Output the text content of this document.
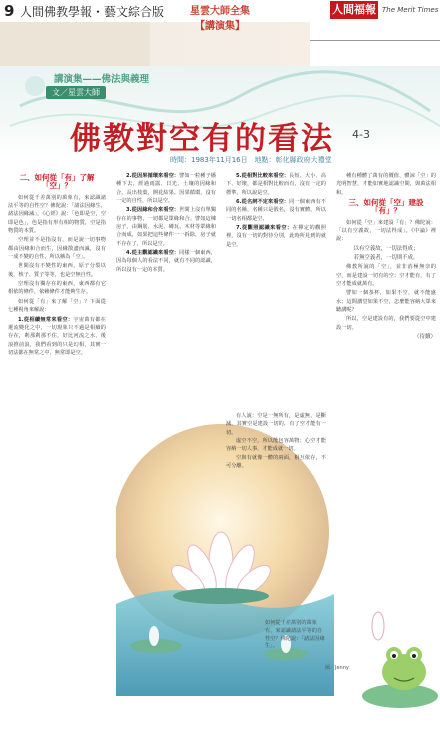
9 人間佛教學報・藝文綜合版	人間福報 The Merit Times
星雲大師全集
【講演集】
講演集——佛法與義理
文／星雲大師
佛教對空有的看法 4-3
時間：1983年11月16日　地點：彰化縣政府大禮堂
二、如何從「有」了解「空」？

如何從千差萬別的萬象有，來認識諸法平等的自性空？佛陀說：「諸法因緣生，諸法因緣滅」，《心經》說：「色即是空，空即是色」，色是指有形有相的物質，空是指物質的本質。

空理並不是指沒有，而是說一切事物都由因緣和合而生，因緣散盡而滅，沒有一成不變的自性，所以稱為「空」。

世間沒有不變性的東西，原子分裂以後，核子、質子等等，也是空無自性。

空理沒有獨存在的東西，東西都有它相依的條件，依賴條件才能夠生存。

如何從「有」來了解「空」？下面從七種視角來解說：

1.從相續無常來看空：宇宙萬有都在遷流變化之中，一切現象只不過是相續的存在，剎那剎那不住，好比河流之水，後浪推前浪，我們看到的只是幻相，其實一切法都在無常之中，無常即是空。

2.從因果循環來看空：譬如一粒種子播種下去，經過雨露、日光、土壤的因緣和合，長出枝葉，開花結果。因果循環，沒有一定的自性，所以是空。

3.從因緣和合來看空：世間上沒有單獨存在的事物，一切都是眾緣和合。譬如這棟房子，由鋼筋、水泥、磚瓦、木材等眾緣和合而成，如果把這些條件一一拆除，房子就不存在了，所以是空。

4.從主觀認識來看空：同樣一個東西，因為每個人的看法不同，就有不同的認識，所以沒有一定的本質。

5.從相對比較來看空：長短、大小、高下、好壞，都是相對比較而有，沒有一定的標準，所以說是空。

6.從名詞不定來看空：同一個東西有不同的名稱，名稱只是假名，沒有實體，所以一切名相都是空。

7.從觀照認識來看空：在禪定的觀照裡，沒有一切的對待分別，此時所見到的就是空。

有人說：空是一無所有，是虛無，是斷滅，其實空是建設一切的，有了空才能有一切。

虛空不空，所以能包容萬物；心空才能容納一切人事，才能成就一切。

空與有就像一體的兩面，相互依存，不可分離。

如何從千差萬別的萬象有，來認識諸法平等的自性空？佛陀說：「諸法因緣生」。
圖／Jenny

種有種體了萬有的價值、體諒「空」的光明智慧，才能如實地認識空間，與萬法相和。

三、如何從「空」建設「有」？

如何從「空」來建設「有」？佛陀說：「以有空義故，一切法得成」。《中論》裡說：

以有空義故，一切法得成；

若無空義者，一切則不成。

佛教所說的「空」，並非消極無奈的空，而是建設一切有的空；空才能有，有了空才能成就萬有。

譬如一個茶杯，如果不空，就不能盛水；這間講堂如果不空，怎麼能容納大眾來聽講呢？

所以，空是建設有的，我們要從空中建設一切。

（待續）
